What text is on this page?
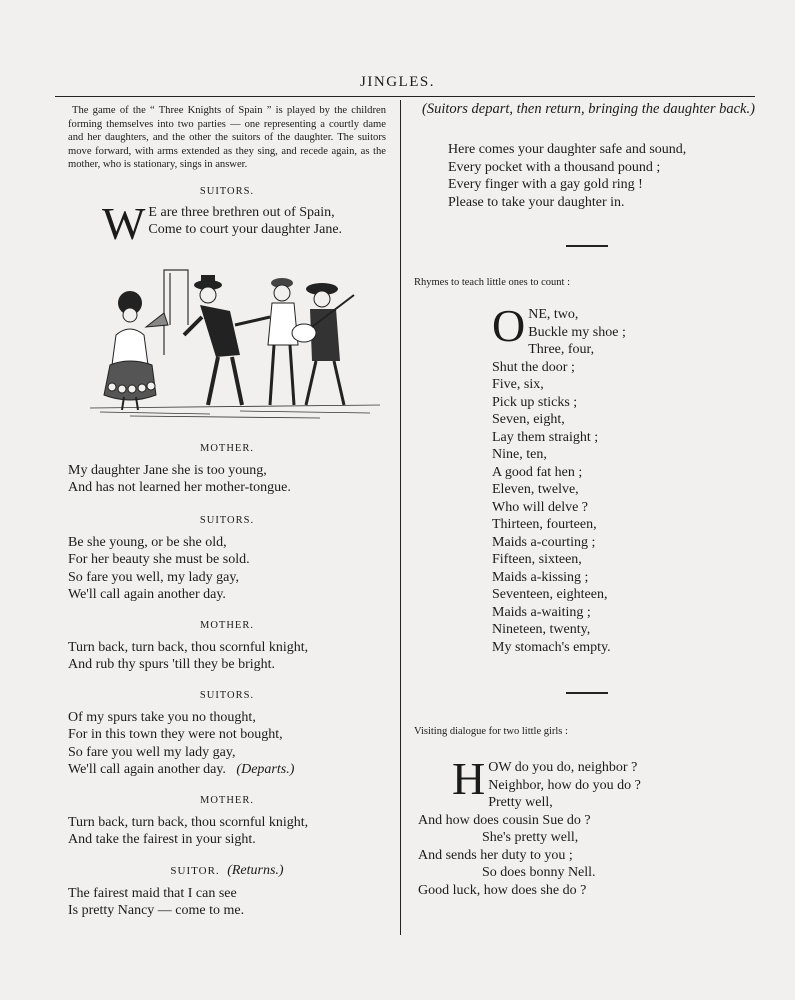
JINGLES.
The game of the “ Three Knights of Spain ” is played by the children forming themselves into two parties — one representing a courtly dame and her daughters, and the other the suitors of the daughter. The suitors move forward, with arms extended as they sing, and recede again, as the mother, who is stationary, sings in answer.

SUITORS.

W E are three brethren out of Spain,
Come to court your daughter Jane.

MOTHER.

My daughter Jane she is too young,
And has not learned her mother-tongue.

SUITORS.

Be she young, or be she old,
For her beauty she must be sold.
So fare you well, my lady gay,
We'll call again another day.

MOTHER.

Turn back, turn back, thou scornful knight,
And rub thy spurs 'till they be bright.

SUITORS.

Of my spurs take you no thought,
For in this town they were not bought,
So fare you well my lady gay,
We'll call again another day. (Departs.)

MOTHER.

Turn back, turn back, thou scornful knight,
And take the fairest in your sight.

SUITOR. (Returns.)

The fairest maid that I can see
Is pretty Nancy — come to me.
(Suitors depart, then return, bringing the daughter back.)
Here comes your daughter safe and sound,
Every pocket with a thousand pound ;
Every finger with a gay gold ring !
Please to take your daughter in.
Rhymes to teach little ones to count :
O NE, two,
Buckle my shoe ;
Three, four,
Shut the door ;
Five, six,
Pick up sticks ;
Seven, eight,
Lay them straight ;
Nine, ten,
A good fat hen ;
Eleven, twelve,
Who will delve ?
Thirteen, fourteen,
Maids a-courting ;
Fifteen, sixteen,
Maids a-kissing ;
Seventeen, eighteen,
Maids a-waiting ;
Nineteen, twenty,
My stomach's empty.
Visiting dialogue for two little girls :
H OW do you do, neighbor ?
Neighbor, how do you do ?
Pretty well,
And how does cousin Sue do ?
She's pretty well,
And sends her duty to you ;
So does bonny Nell.
Good luck, how does she do ?
